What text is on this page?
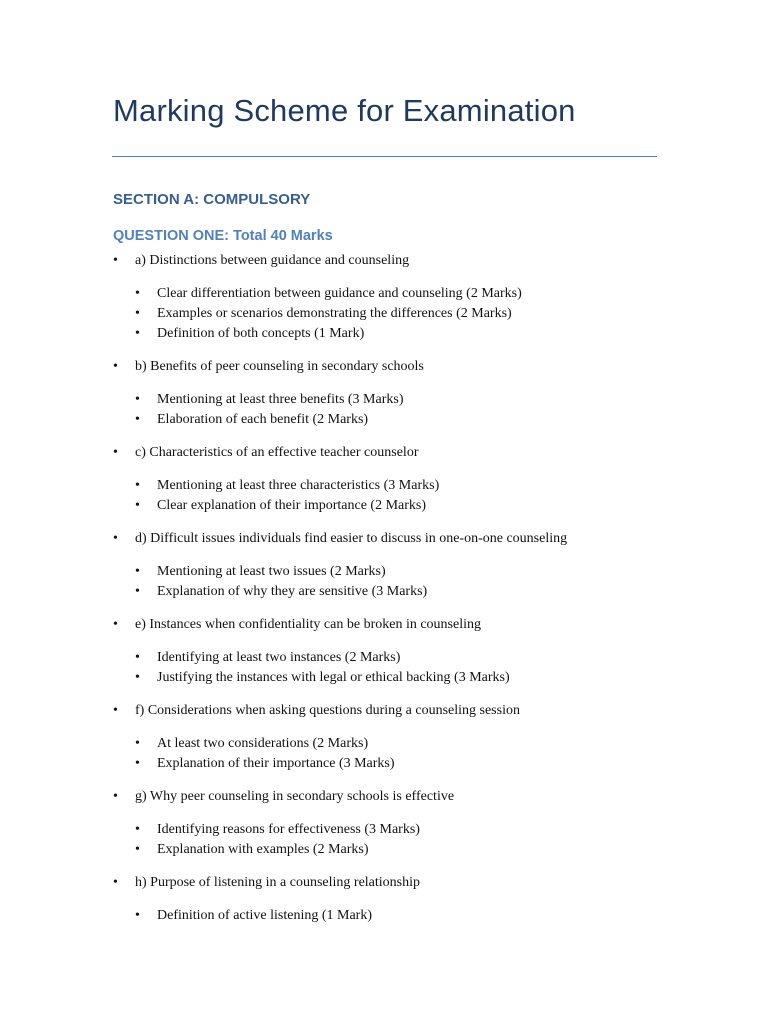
Marking Scheme for Examination
SECTION A: COMPULSORY
QUESTION ONE: Total 40 Marks
• a) Distinctions between guidance and counseling
• Clear differentiation between guidance and counseling (2 Marks)
• Examples or scenarios demonstrating the differences (2 Marks)
• Definition of both concepts (1 Mark)
• b) Benefits of peer counseling in secondary schools
• Mentioning at least three benefits (3 Marks)
• Elaboration of each benefit (2 Marks)
• c) Characteristics of an effective teacher counselor
• Mentioning at least three characteristics (3 Marks)
• Clear explanation of their importance (2 Marks)
• d) Difficult issues individuals find easier to discuss in one-on-one counseling
• Mentioning at least two issues (2 Marks)
• Explanation of why they are sensitive (3 Marks)
• e) Instances when confidentiality can be broken in counseling
• Identifying at least two instances (2 Marks)
• Justifying the instances with legal or ethical backing (3 Marks)
• f) Considerations when asking questions during a counseling session
• At least two considerations (2 Marks)
• Explanation of their importance (3 Marks)
• g) Why peer counseling in secondary schools is effective
• Identifying reasons for effectiveness (3 Marks)
• Explanation with examples (2 Marks)
• h) Purpose of listening in a counseling relationship
• Definition of active listening (1 Mark)
